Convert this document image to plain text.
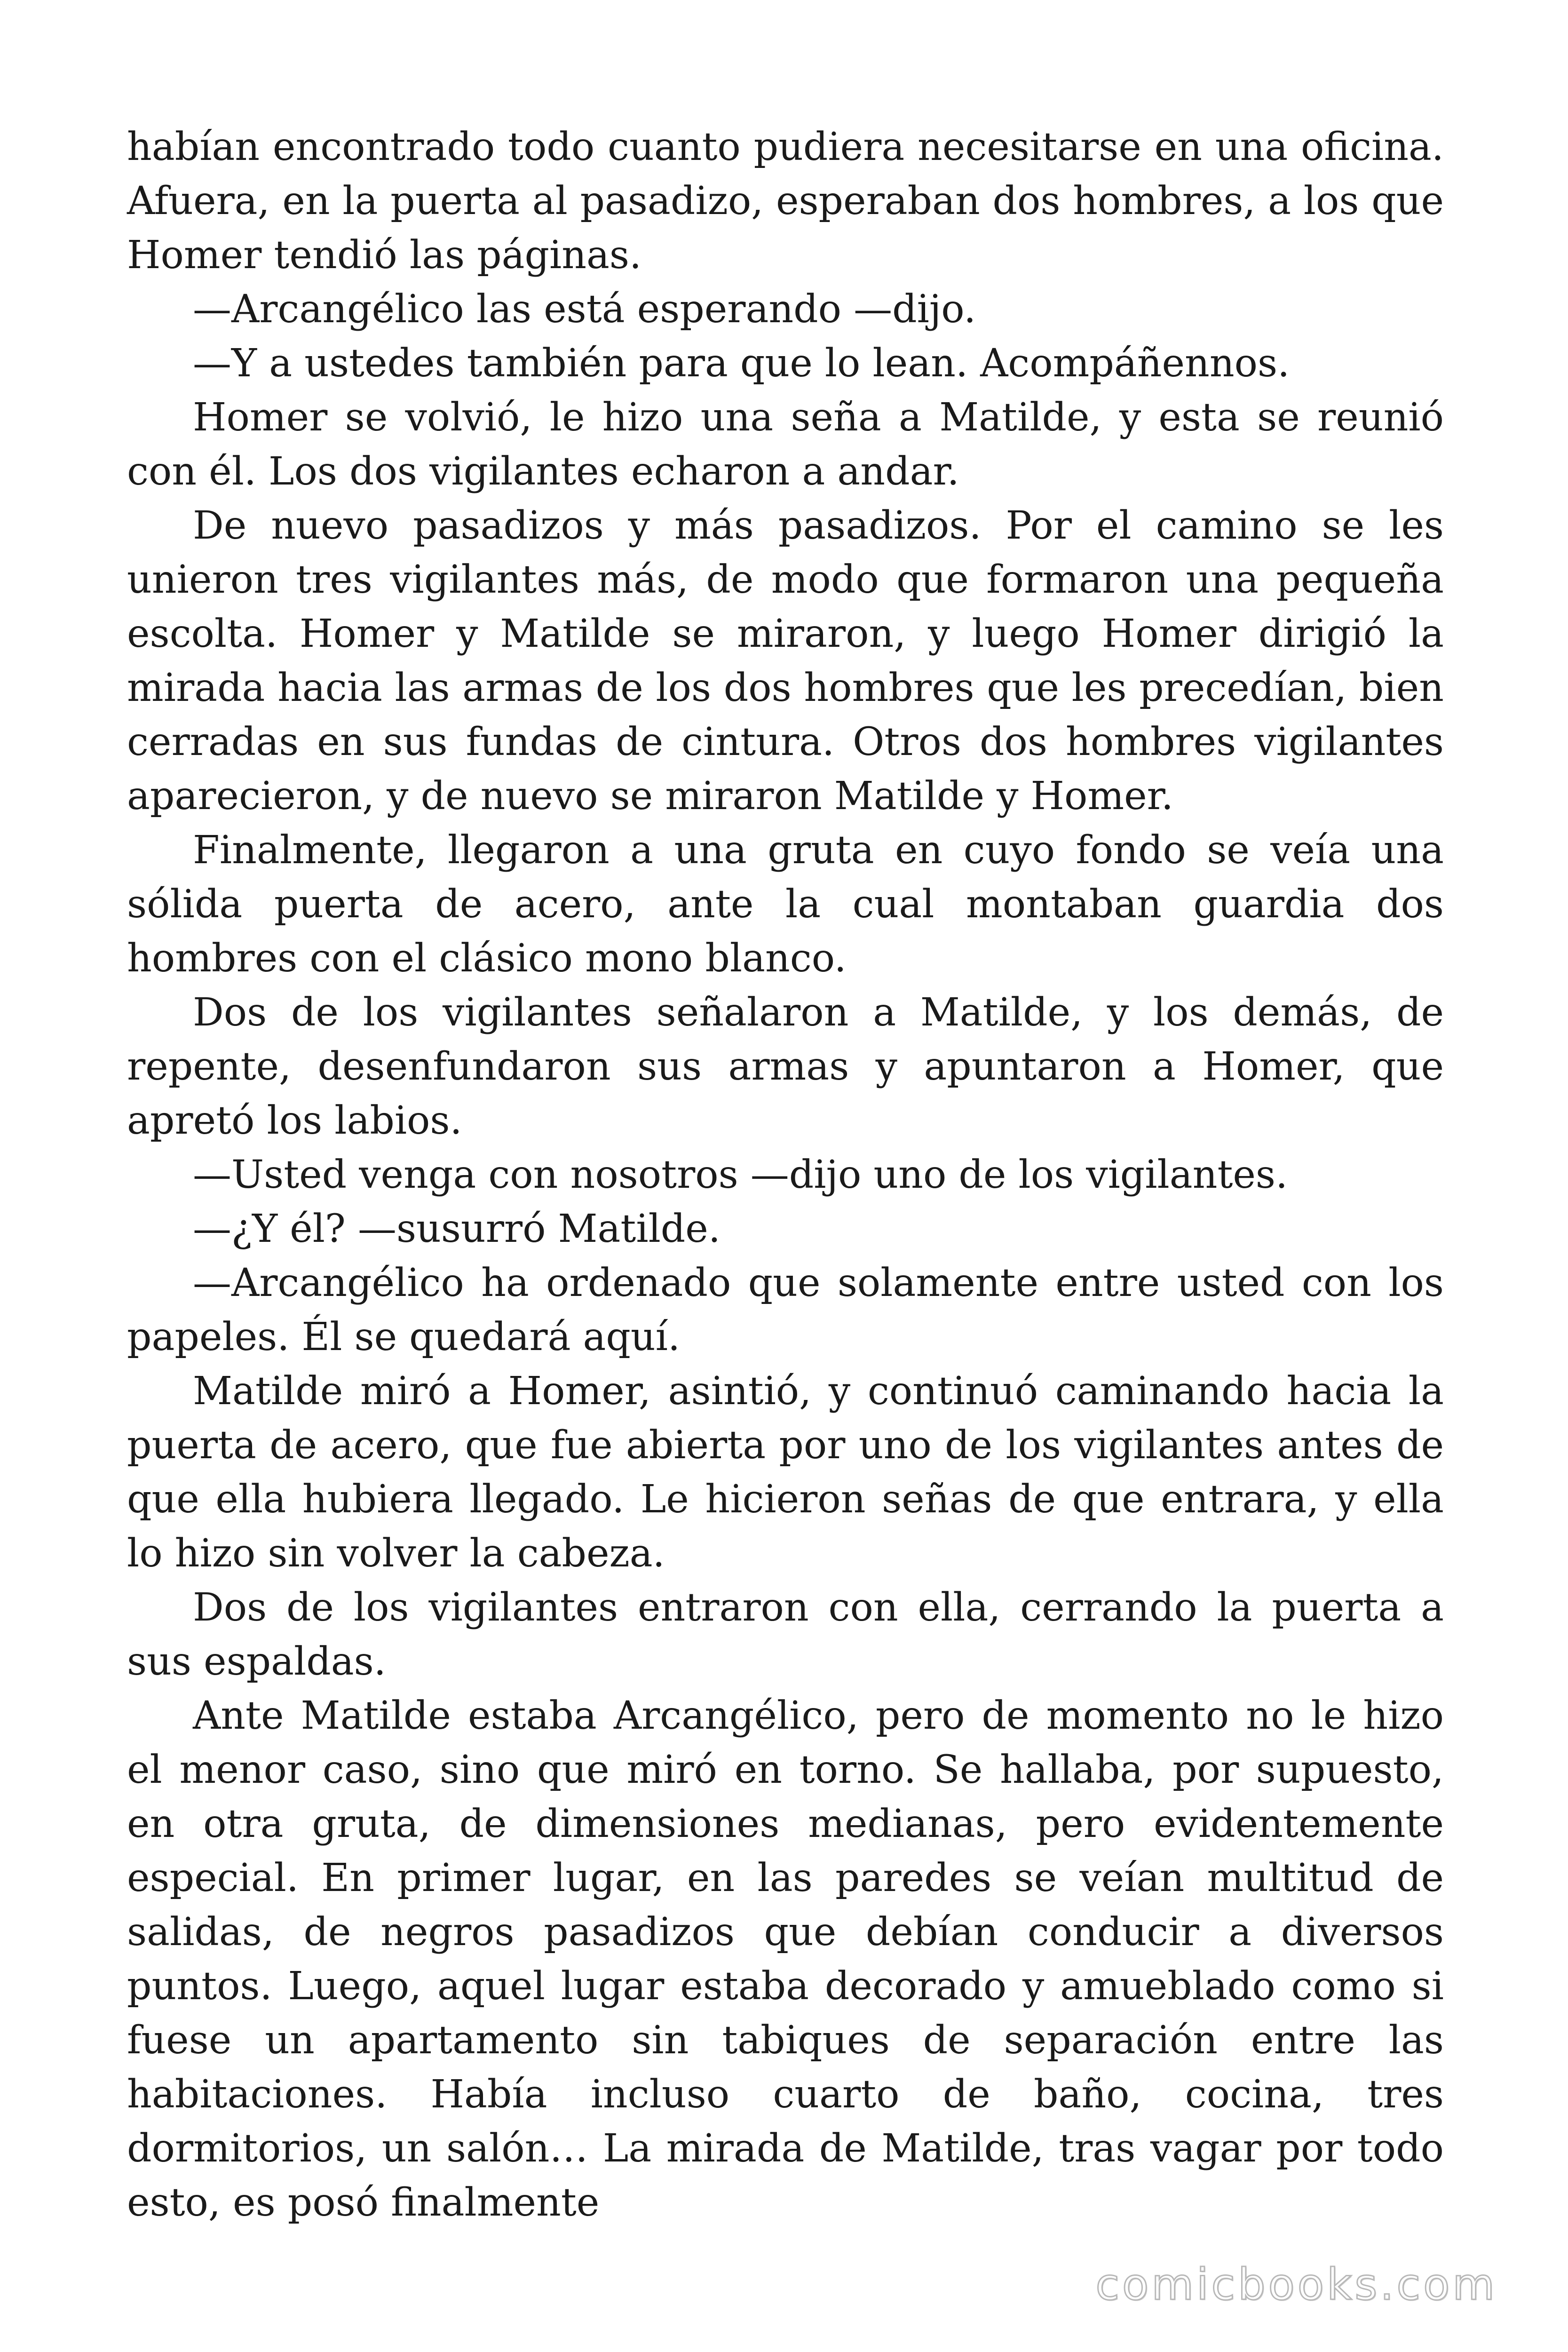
habían encontrado todo cuanto pudiera necesitarse en una oficina. Afuera, en la puerta al pasadizo, esperaban dos hombres, a los que Homer tendió las páginas.

—Arcangélico las está esperando —dijo.

—Y a ustedes también para que lo lean. Acompáñennos.

Homer se volvió, le hizo una seña a Matilde, y esta se reunió con él. Los dos vigilantes echaron a andar.

De nuevo pasadizos y más pasadizos. Por el camino se les unieron tres vigilantes más, de modo que formaron una pequeña escolta. Homer y Matilde se miraron, y luego Homer dirigió la mirada hacia las armas de los dos hombres que les precedían, bien cerradas en sus fundas de cintura. Otros dos hombres vigilantes aparecieron, y de nuevo se miraron Matilde y Homer.

Finalmente, llegaron a una gruta en cuyo fondo se veía una sólida puerta de acero, ante la cual montaban guardia dos hombres con el clásico mono blanco.

Dos de los vigilantes señalaron a Matilde, y los demás, de repente, desenfundaron sus armas y apuntaron a Homer, que apretó los labios.

—Usted venga con nosotros —dijo uno de los vigilantes.

—¿Y él? —susurró Matilde.

—Arcangélico ha ordenado que solamente entre usted con los papeles. Él se quedará aquí.

Matilde miró a Homer, asintió, y continuó caminando hacia la puerta de acero, que fue abierta por uno de los vigilantes antes de que ella hubiera llegado. Le hicieron señas de que entrara, y ella lo hizo sin volver la cabeza.

Dos de los vigilantes entraron con ella, cerrando la puerta a sus espaldas.

Ante Matilde estaba Arcangélico, pero de momento no le hizo el menor caso, sino que miró en torno. Se hallaba, por supuesto, en otra gruta, de dimensiones medianas, pero evidentemente especial. En primer lugar, en las paredes se veían multitud de salidas, de negros pasadizos que debían conducir a diversos puntos. Luego, aquel lugar estaba decorado y amueblado como si fuese un apartamento sin tabiques de separación entre las habitaciones. Había incluso cuarto de baño, cocina, tres dormitorios, un salón… La mirada de Matilde, tras vagar por todo esto, es posó finalmente

comicbooks.com
